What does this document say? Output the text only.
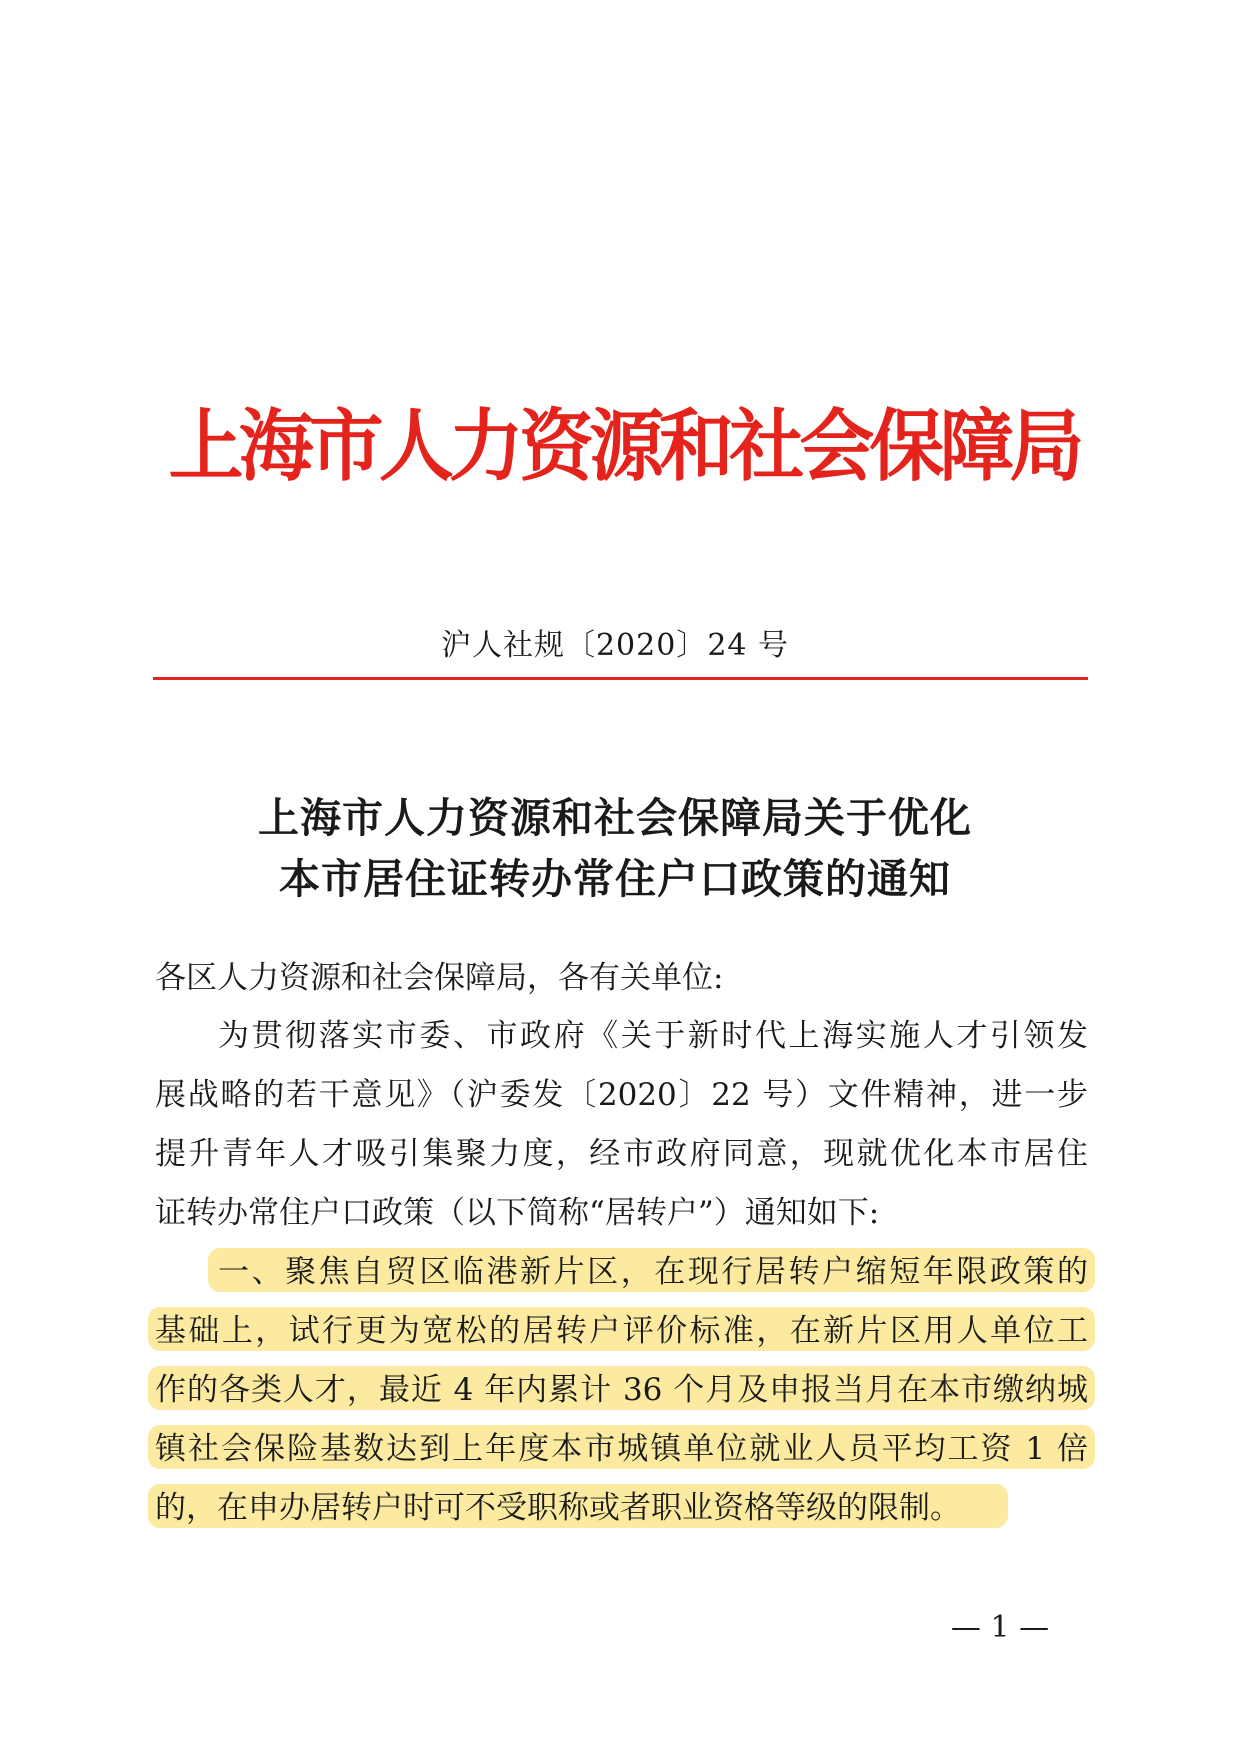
上海市人力资源和社会保障局
沪人社规〔2020〕24 号
上海市人力资源和社会保障局关于优化
本市居住证转办常住户口政策的通知
各区人力资源和社会保障局，各有关单位:
为贯彻落实市委、市政府《关于新时代上海实施人才引领发
展战略的若干意见》（沪委发〔2020〕22 号）文件精神，进一步
提升青年人才吸引集聚力度，经市政府同意，现就优化本市居住
证转办常住户口政策（以下简称“居转户”）通知如下:
一、聚焦自贸区临港新片区，在现行居转户缩短年限政策的
基础上，试行更为宽松的居转户评价标准，在新片区用人单位工
作的各类人才，最近 4 年内累计 36 个月及申报当月在本市缴纳城
镇社会保险基数达到上年度本市城镇单位就业人员平均工资 1 倍
的，在申办居转户时可不受职称或者职业资格等级的限制。
— 1 —
